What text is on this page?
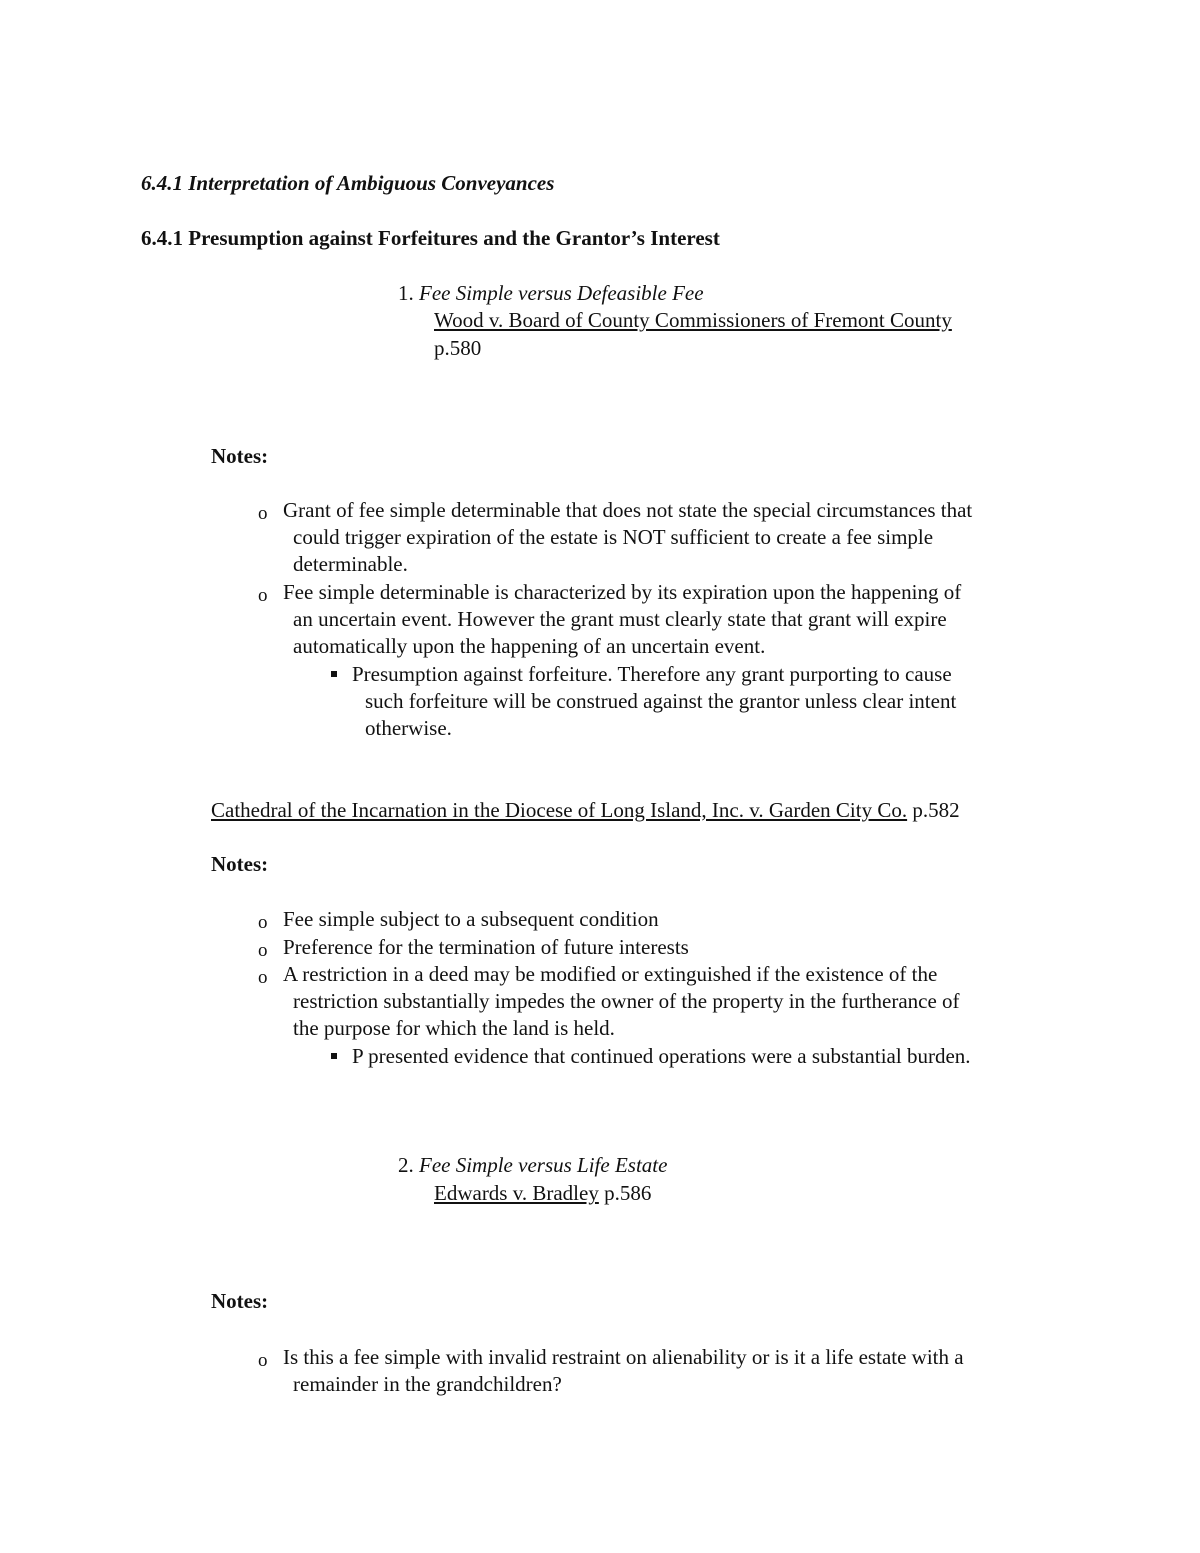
6.4.1 Interpretation of Ambiguous Conveyances

6.4.1 Presumption against Forfeitures and the Grantor’s Interest

1. Fee Simple versus Defeasible Fee

Wood v. Board of County Commissioners of Fremont County

p.580

Notes:

o Grant of fee simple determinable that does not state the special circumstances that

could trigger expiration of the estate is NOT sufficient to create a fee simple

determinable.

o Fee simple determinable is characterized by its expiration upon the happening of

an uncertain event. However the grant must clearly state that grant will expire

automatically upon the happening of an uncertain event.

Presumption against forfeiture. Therefore any grant purporting to cause

such forfeiture will be construed against the grantor unless clear intent

otherwise.

Cathedral of the Incarnation in the Diocese of Long Island, Inc. v. Garden City Co. p.582

Notes:

o Fee simple subject to a subsequent condition

o Preference for the termination of future interests

o A restriction in a deed may be modified or extinguished if the existence of the

restriction substantially impedes the owner of the property in the furtherance of

the purpose for which the land is held.

P presented evidence that continued operations were a substantial burden.

2. Fee Simple versus Life Estate

Edwards v. Bradley p.586

Notes:

o Is this a fee simple with invalid restraint on alienability or is it a life estate with a

remainder in the grandchildren?
